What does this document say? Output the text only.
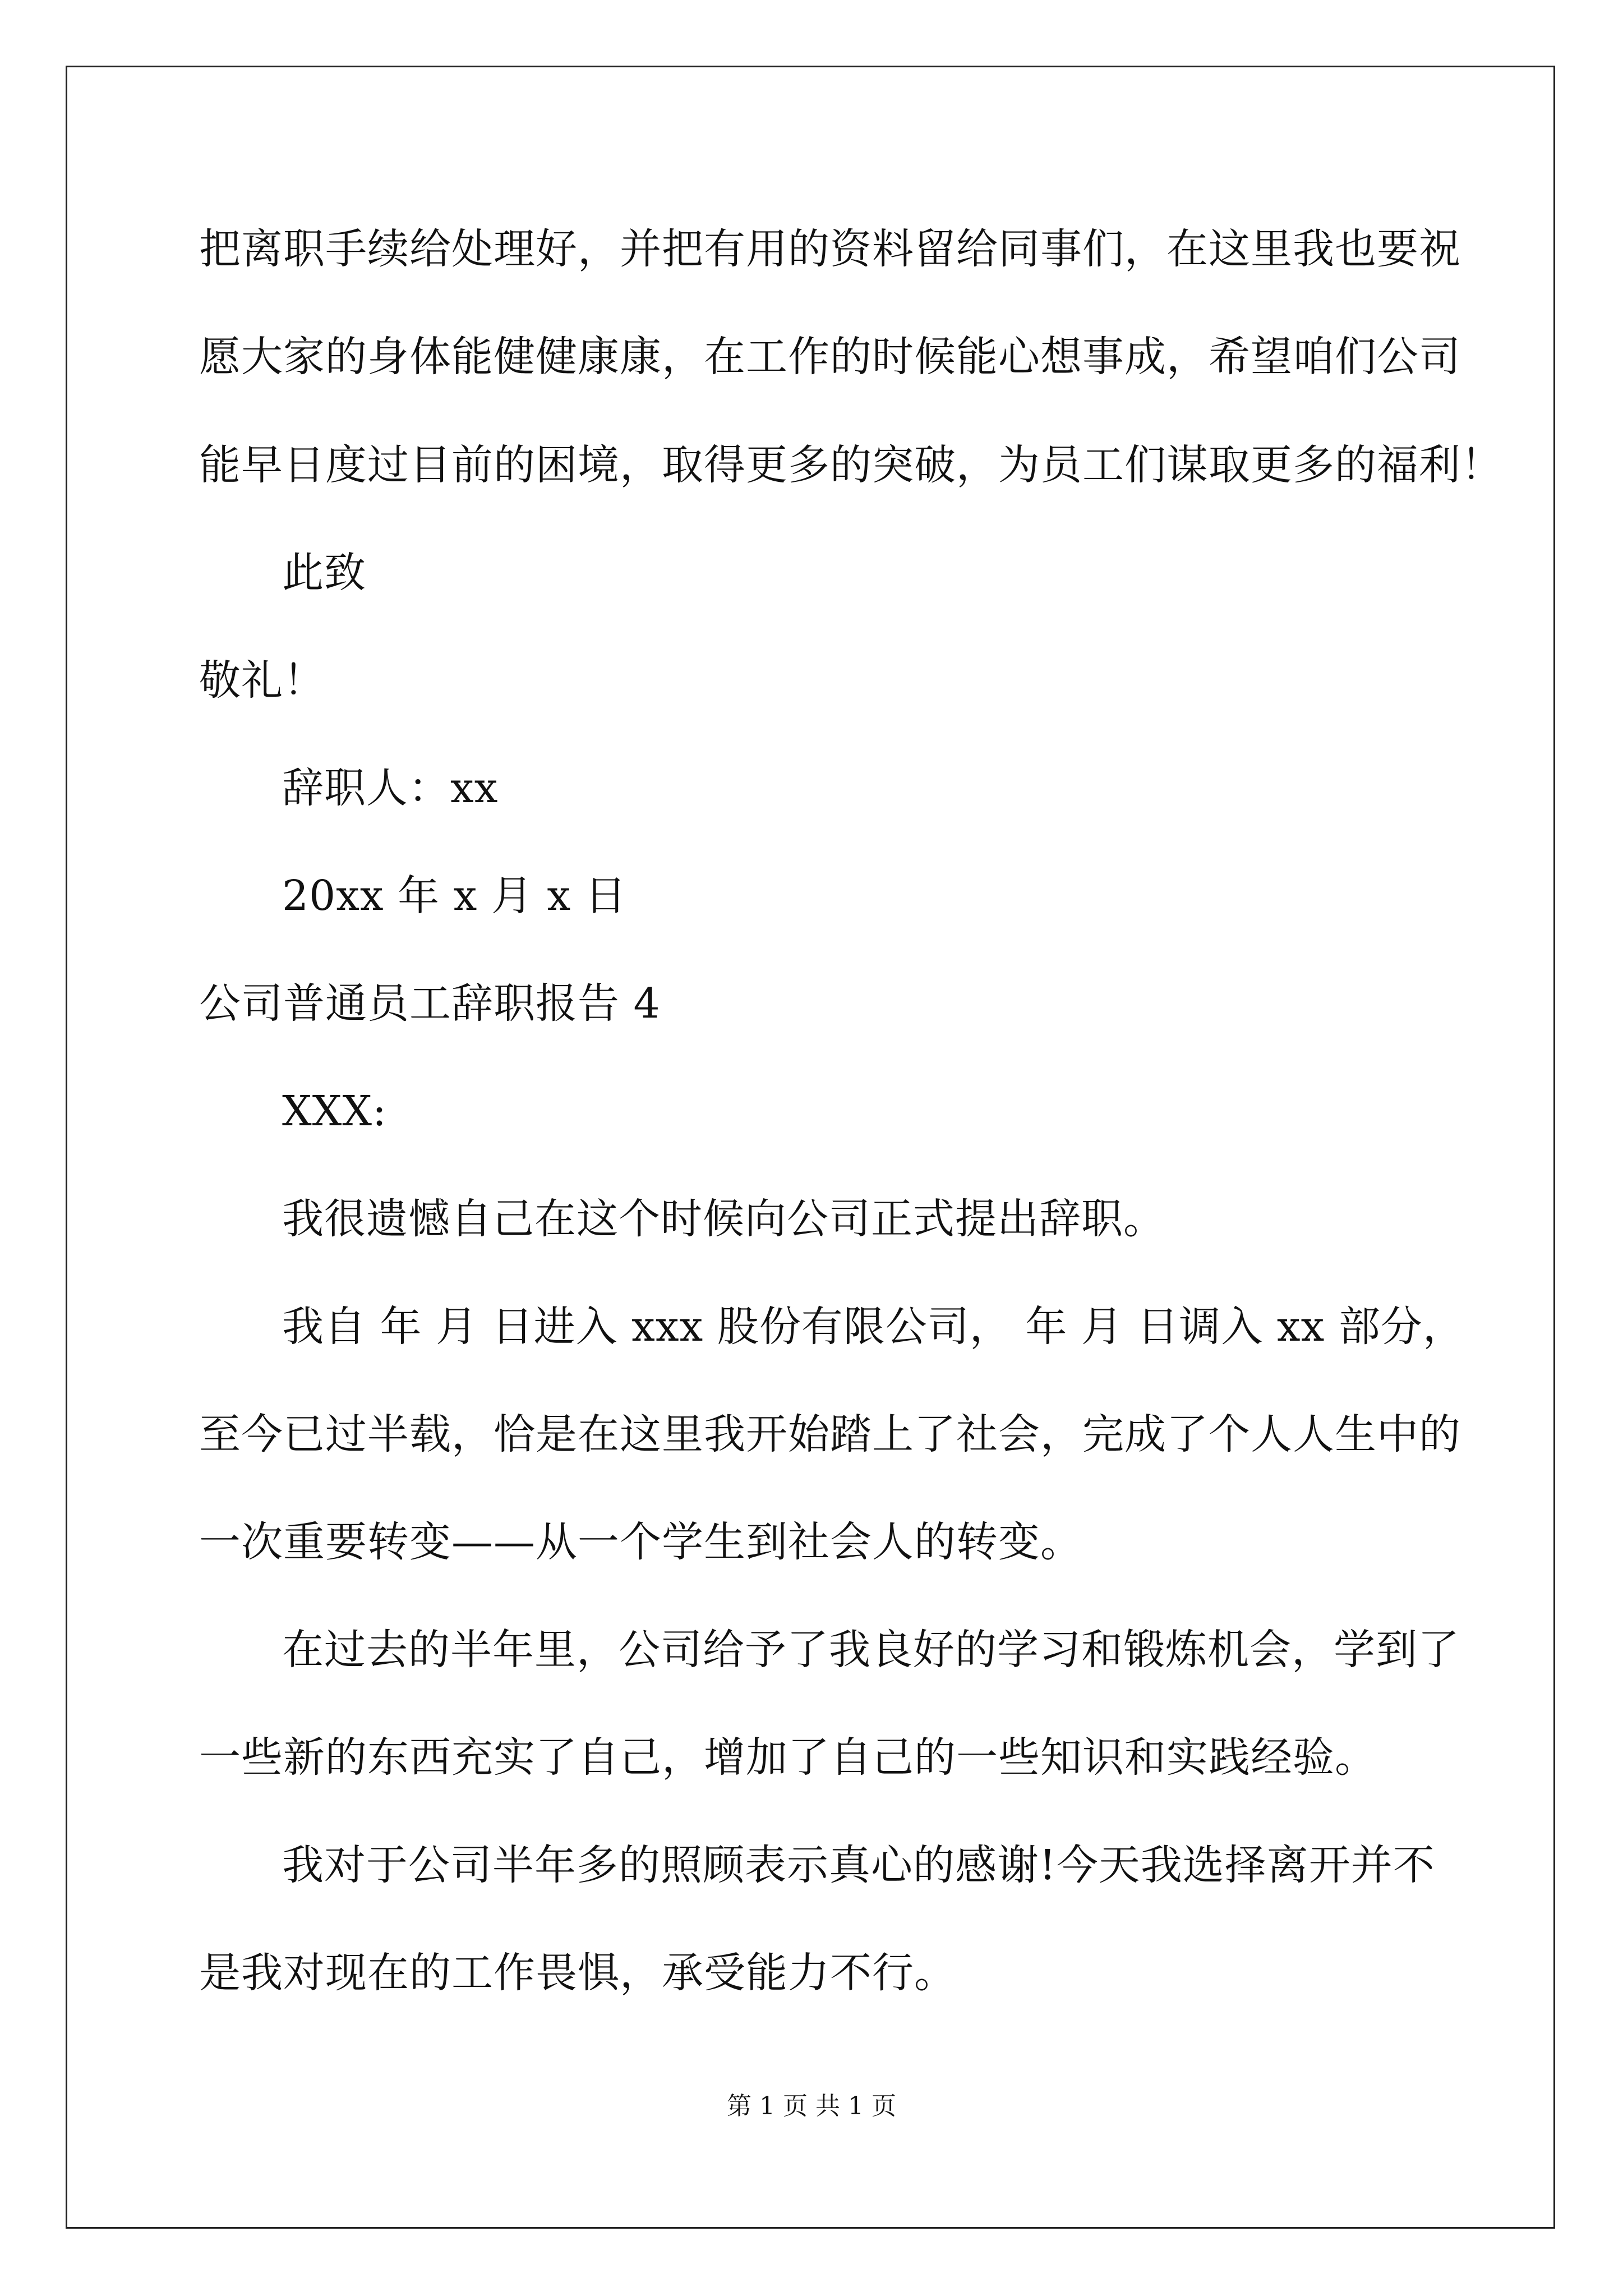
把离职手续给处理好，并把有用的资料留给同事们，在这里我也要祝
愿大家的身体能健健康康，在工作的时候能心想事成，希望咱们公司
能早日度过目前的困境，取得更多的突破，为员工们谋取更多的福利！
此致
敬礼！
辞职人：xx
20xx 年 x 月 x 日
公司普通员工辞职报告 4
XXX:
我很遗憾自己在这个时候向公司正式提出辞职。
我自 年 月 日进入 xxx 股份有限公司， 年 月 日调入 xx 部分，
至今已过半载，恰是在这里我开始踏上了社会，完成了个人人生中的
一次重要转变——从一个学生到社会人的转变。
在过去的半年里，公司给予了我良好的学习和锻炼机会，学到了
一些新的东西充实了自己，增加了自己的一些知识和实践经验。
我对于公司半年多的照顾表示真心的感谢!今天我选择离开并不
是我对现在的工作畏惧，承受能力不行。
第 1 页 共 1 页
